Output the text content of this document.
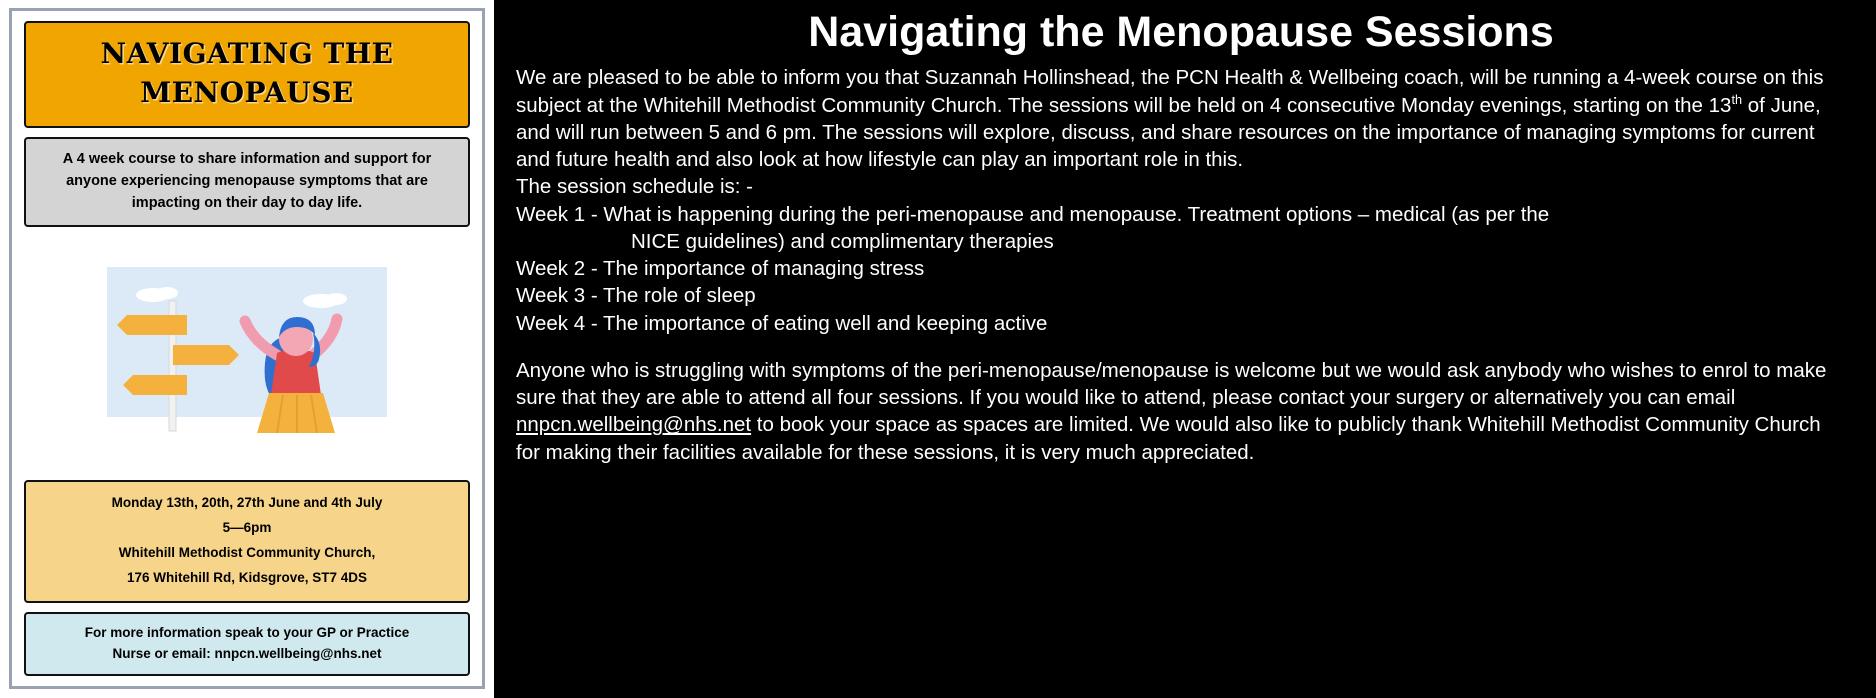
NAVIGATING THE MENOPAUSE
A 4 week course to share information and support for anyone experiencing menopause symptoms that are impacting on their day to day life.
Monday 13th, 20th, 27th June and 4th July
5—6pm
Whitehill Methodist Community Church,
176 Whitehill Rd, Kidsgrove, ST7 4DS
For more information speak to your GP or Practice
Nurse or email: nnpcn.wellbeing@nhs.net
Navigating the Menopause Sessions

We are pleased to be able to inform you that Suzannah Hollinshead, the PCN Health & Wellbeing coach, will be running a 4-week course on this subject at the Whitehill Methodist Community Church. The sessions will be held on 4 consecutive Monday evenings, starting on the 13th of June, and will run between 5 and 6 pm. The sessions will explore, discuss, and share resources on the importance of managing symptoms for current and future health and also look at how lifestyle can play an important role in this.

The session schedule is: -

Week 1 - What is happening during the peri-menopause and menopause. Treatment options – medical (as per the
NICE guidelines) and complimentary therapies

Week 2 - The importance of managing stress

Week 3 - The role of sleep

Week 4 - The importance of eating well and keeping active

Anyone who is struggling with symptoms of the peri-menopause/menopause is welcome but we would ask anybody who wishes to enrol to make sure that they are able to attend all four sessions. If you would like to attend, please contact your surgery or alternatively you can email nnpcn.wellbeing@nhs.net to book your space as spaces are limited. We would also like to publicly thank Whitehill Methodist Community Church for making their facilities available for these sessions, it is very much appreciated.
